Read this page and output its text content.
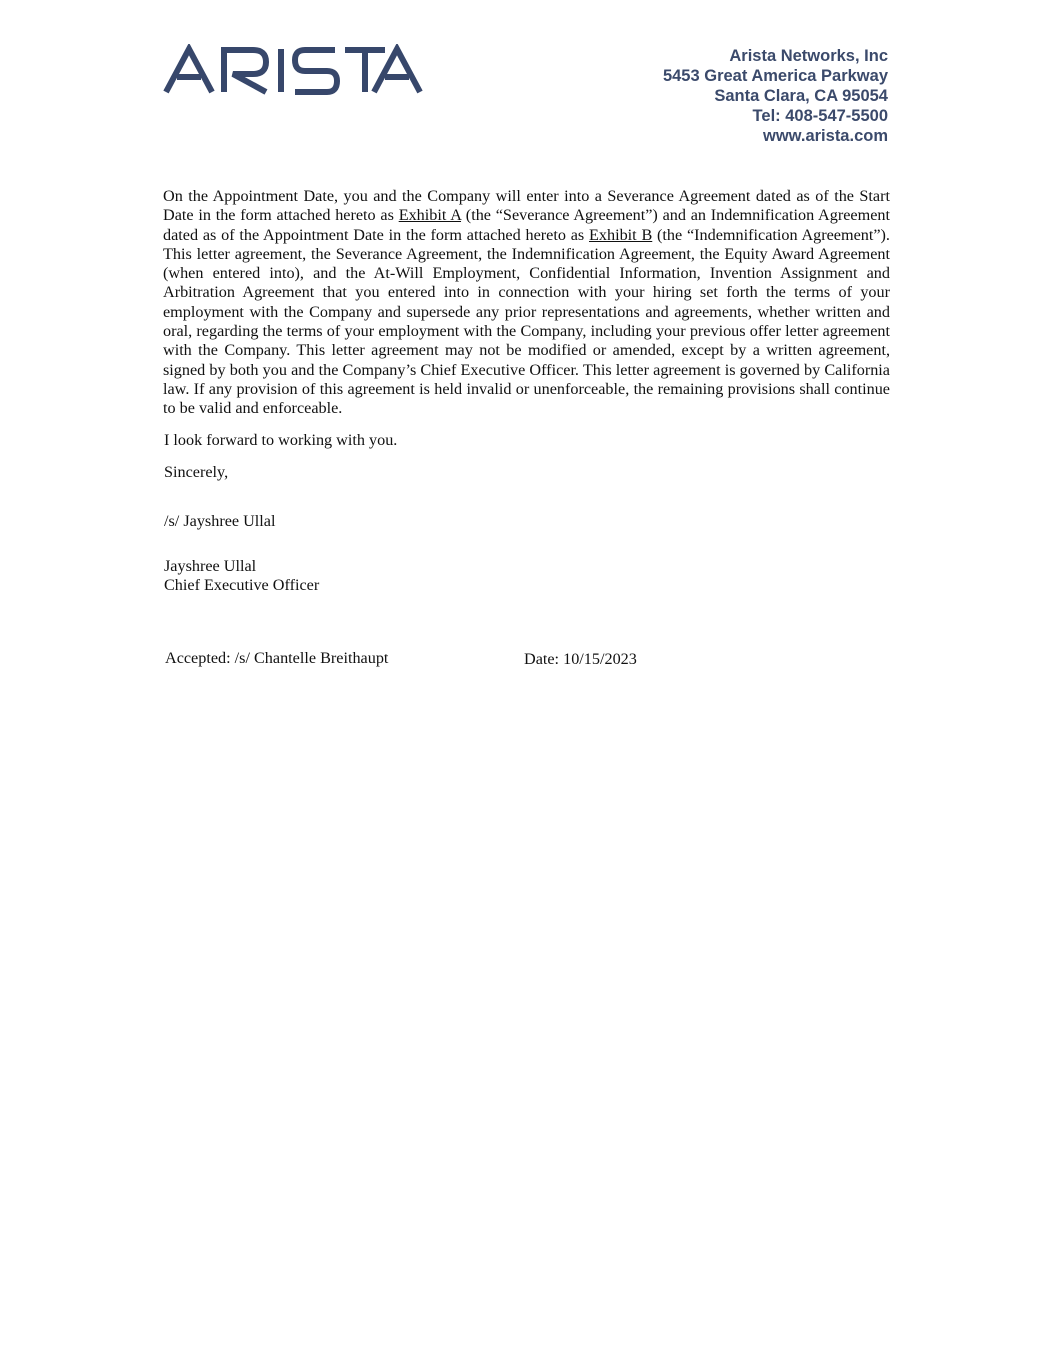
Arista Networks, Inc
5453 Great America Parkway
Santa Clara, CA 95054
Tel: 408-547-5500
www.arista.com

On the Appointment Date, you and the Company will enter into a Severance Agreement dated as of the Start Date in the form attached hereto as Exhibit A (the “Severance Agreement”) and an Indemnification Agreement dated as of the Appointment Date in the form attached hereto as Exhibit B (the “Indemnification Agreement”). This letter agreement, the Severance Agreement, the Indemnification Agreement, the Equity Award Agreement (when entered into), and the At-Will Employment, Confidential Information, Invention Assignment and Arbitration Agreement that you entered into in connection with your hiring set forth the terms of your employment with the Company and supersede any prior representations and agreements, whether written and oral, regarding the terms of your employment with the Company, including your previous offer letter agreement with the Company. This letter agreement may not be modified or amended, except by a written agreement, signed by both you and the Company’s Chief Executive Officer. This letter agreement is governed by California law. If any provision of this agreement is held invalid or unenforceable, the remaining provisions shall continue to be valid and enforceable.

I look forward to working with you.
Sincerely,
/s/ Jayshree Ullal
Jayshree Ullal
Chief Executive Officer
Accepted: /s/ Chantelle Breithaupt	Date: 10/15/2023
